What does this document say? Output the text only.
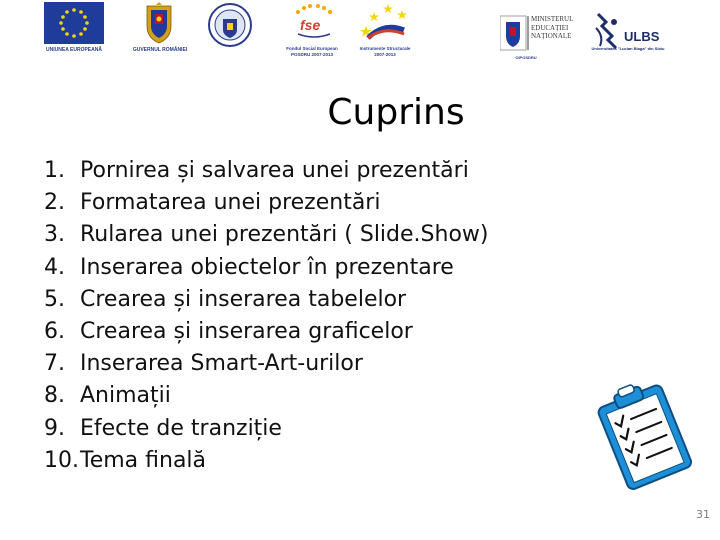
UNIUNEA EUROPEANĂ	GUVERNUL ROMÂNIEI
fse
Fondul Social European
POSDRU 2007-2013
Instrumente Structurale
2007-2013
MINISTERUL
EDUCAȚIEI
NAȚIONALE
OIPOSDRU
ULBS
Universitatea "Lucian Blaga" din Sibiu
Cuprins
1. Pornirea și salvarea unei prezentări
2. Formatarea unei prezentări
3. Rularea unei prezentări ( Slide.Show)
4. Inserarea obiectelor în prezentare
5. Crearea și inserarea tabelelor
6. Crearea și inserarea graficelor
7. Inserarea Smart-Art-urilor
8. Animații
9. Efecte de tranziție
10. Tema finală
31
